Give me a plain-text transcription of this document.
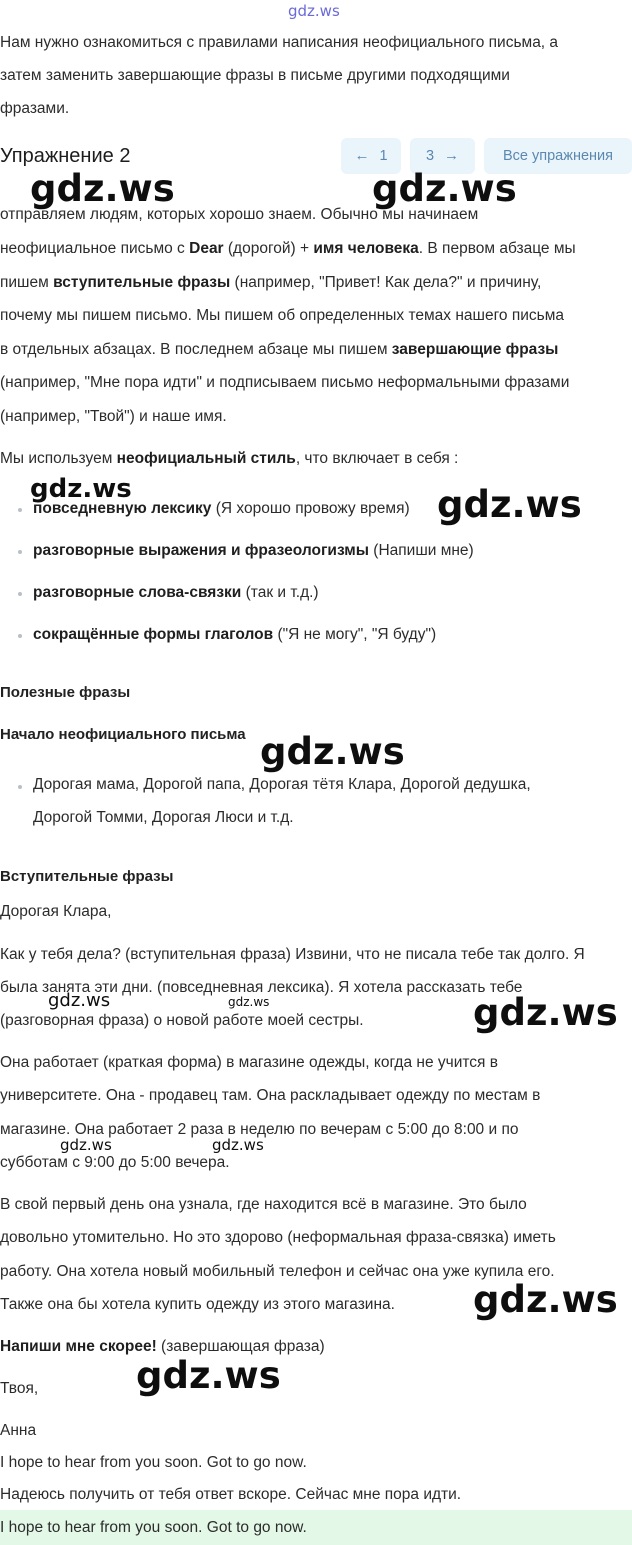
gdz.ws
Нам нужно ознакомиться с правилами написания неофициального письма, а
затем заменить завершающие фразы в письме другими подходящими
фразами.
Упражнение 2	← 1	3 →	Все упражнения
отправляем людям, которых хорошо знаем. Обычно мы начинаем
неофициальное письмо с Dear (дорогой) + имя человека. В первом абзаце мы
пишем вступительные фразы (например, "Привет! Как дела?" и причину,
почему мы пишем письмо. Мы пишем об определенных темах нашего письма
в отдельных абзацах. В последнем абзаце мы пишем завершающие фразы
(например, "Мне пора идти" и подписываем письмо неформальными фразами
(например, "Твой") и наше имя.
Мы используем неофициальный стиль, что включает в себя :
повседневную лексику (Я хорошо провожу время)
разговорные выражения и фразеологизмы (Напиши мне)
разговорные слова-связки (так и т.д.)
сокращённые формы глаголов ("Я не могу", "Я буду")
Полезные фразы
Начало неофициального письма
Дорогая мама, Дорогой папа, Дорогая тётя Клара, Дорогой дедушка,
Дорогой Томми, Дорогая Люси и т.д.
Вступительные фразы
Дорогая Клара,
Как у тебя дела? (вступительная фраза) Извини, что не писала тебе так долго. Я
была занята эти дни. (повседневная лексика). Я хотела рассказать тебе
(разговорная фраза) о новой работе моей сестры.
Она работает (краткая форма) в магазине одежды, когда не учится в
университете. Она - продавец там. Она раскладывает одежду по местам в
магазине. Она работает 2 раза в неделю по вечерам с 5:00 до 8:00 и по
субботам с 9:00 до 5:00 вечера.
В свой первый день она узнала, где находится всё в магазине. Это было
довольно утомительно. Но это здорово (неформальная фраза-связка) иметь
работу. Она хотела новый мобильный телефон и сейчас она уже купила его.
Также она бы хотела купить одежду из этого магазина.
Напиши мне скорее! (завершающая фраза)
Твоя,
Анна
I hope to hear from you soon. Got to go now.
Надеюсь получить от тебя ответ вскоре. Сейчас мне пора идти.
I hope to hear from you soon. Got to go now.
gdz.ws	gdz.ws
gdz.ws	gdz.ws
gdz.ws
gdz.ws	gdz.ws	gdz.ws
gdz.ws	gdz.ws
gdz.ws
gdz.ws
